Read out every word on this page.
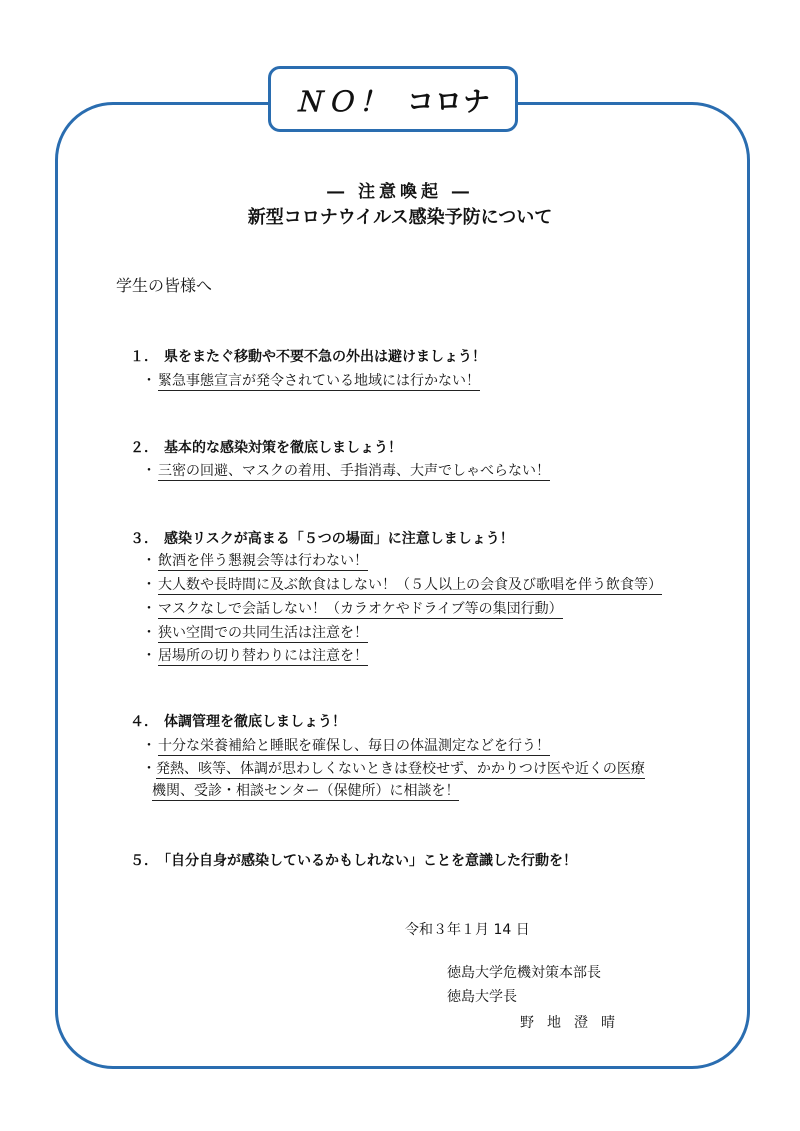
ＮＯ！ コロナ
― 注意喚起 ―
新型コロナウイルス感染予防について
学生の皆様へ
１． 県をまたぐ移動や不要不急の外出は避けましょう！
・ 緊急事態宣言が発令されている地域には行かない！
２． 基本的な感染対策を徹底しましょう！
・ 三密の回避、マスクの着用、手指消毒、大声でしゃべらない！
３． 感染リスクが高まる「５つの場面」に注意しましょう！
・ 飲酒を伴う懇親会等は行わない！
・ 大人数や長時間に及ぶ飲食はしない！（５人以上の会食及び歌唱を伴う飲食等）
・ マスクなしで会話しない！（カラオケやドライブ等の集団行動）
・ 狭い空間での共同生活は注意を！
・ 居場所の切り替わりには注意を！
４． 体調管理を徹底しましょう！
・ 十分な栄養補給と睡眠を確保し、毎日の体温測定などを行う！
・発熱、咳等、体調が思わしくないときは登校せず、かかりつけ医や近くの医療
機関、受診・相談センター（保健所）に相談を！
５． 「自分自身が感染しているかもしれない」ことを意識した行動を！
令和３年１月 14 日
徳島大学危機対策本部長
徳島大学長
野地澄晴
